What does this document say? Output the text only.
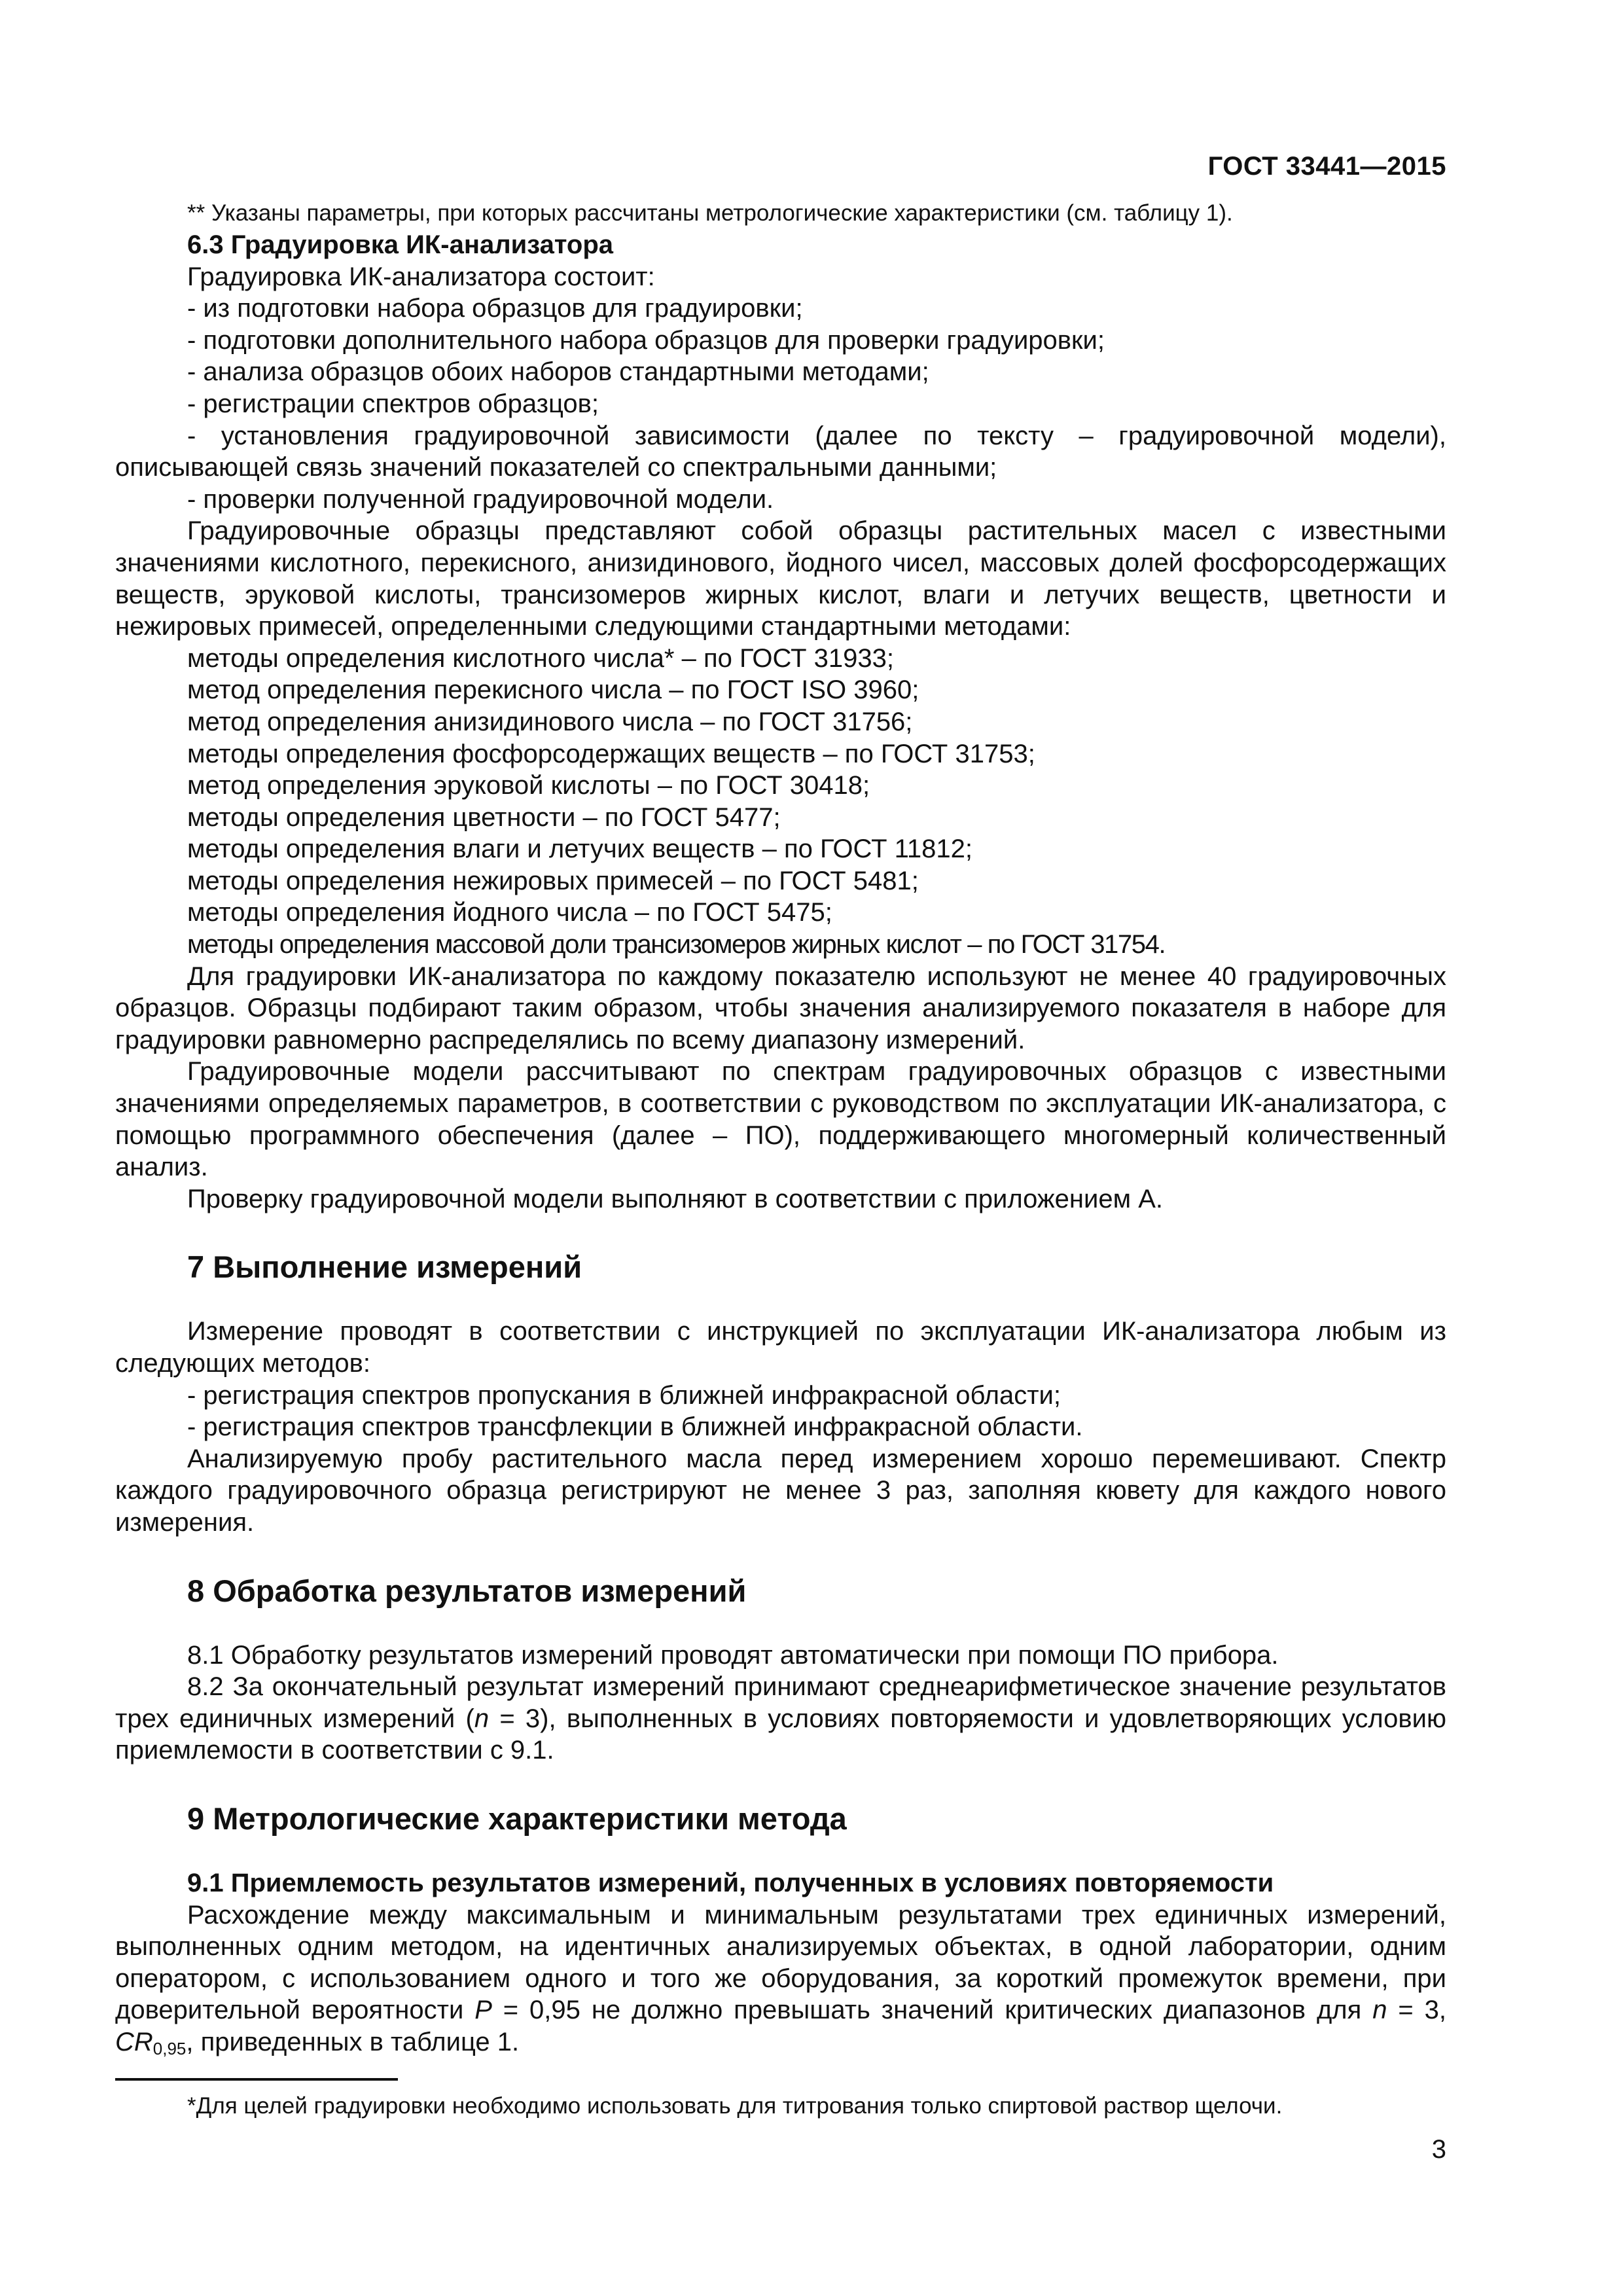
ГОСТ 33441—2015

** Указаны параметры, при которых рассчитаны метрологические характеристики (см. таблицу 1).

6.3 Градуировка ИК-анализатора

Градуировка ИК-анализатора состоит:

- из подготовки набора образцов для градуировки;

- подготовки дополнительного набора образцов для проверки градуировки;

- анализа образцов обоих наборов стандартными методами;

- регистрации спектров образцов;

- установления градуировочной зависимости (далее по тексту – градуировочной модели), описывающей связь значений показателей со спектральными данными;

- проверки полученной градуировочной модели.

Градуировочные образцы представляют собой образцы растительных масел с известными значениями кислотного, перекисного, анизидинового, йодного чисел, массовых долей фосфорсодержащих веществ, эруковой кислоты, трансизомеров жирных кислот, влаги и летучих веществ, цветности и нежировых примесей, определенными следующими стандартными методами:

методы определения кислотного числа* – по ГОСТ 31933;

метод определения перекисного числа – по ГОСТ ISO 3960;

метод определения анизидинового числа – по ГОСТ 31756;

методы определения фосфорсодержащих веществ – по ГОСТ 31753;

метод определения эруковой кислоты – по ГОСТ 30418;

методы определения цветности – по ГОСТ 5477;

методы определения влаги и летучих веществ – по ГОСТ 11812;

методы определения нежировых примесей – по ГОСТ 5481;

методы определения йодного числа – по ГОСТ 5475;

методы определения массовой доли трансизомеров жирных кислот – по ГОСТ 31754.

Для градуировки ИК-анализатора по каждому показателю используют не менее 40 градуировочных образцов. Образцы подбирают таким образом, чтобы значения анализируемого показателя в наборе для градуировки равномерно распределялись по всему диапазону измерений.

Градуировочные модели рассчитывают по спектрам градуировочных образцов с известными значениями определяемых параметров, в соответствии с руководством по эксплуатации ИК-анализатора, с помощью программного обеспечения (далее – ПО), поддерживающего многомерный количественный анализ.

Проверку градуировочной модели выполняют в соответствии с приложением А.

7 Выполнение измерений

Измерение проводят в соответствии с инструкцией по эксплуатации ИК-анализатора любым из следующих методов:

- регистрация спектров пропускания в ближней инфракрасной области;

- регистрация спектров трансфлекции в ближней инфракрасной области.

Анализируемую пробу растительного масла перед измерением хорошо перемешивают. Спектр каждого градуировочного образца регистрируют не менее 3 раз, заполняя кювету для каждого нового измерения.

8 Обработка результатов измерений

8.1 Обработку результатов измерений проводят автоматически при помощи ПО прибора.

8.2 За окончательный результат измерений принимают среднеарифметическое значение результатов трех единичных измерений (n = 3), выполненных в условиях повторяемости и удовлетворяющих условию приемлемости в соответствии с 9.1.

9 Метрологические характеристики метода

9.1 Приемлемость результатов измерений, полученных в условиях повторяемости

Расхождение между максимальным и минимальным результатами трех единичных измерений, выполненных одним методом, на идентичных анализируемых объектах, в одной лаборатории, одним оператором, с использованием одного и того же оборудования, за короткий промежуток времени, при доверительной вероятности P = 0,95 не должно превышать значений критических диапазонов для n = 3, $CR_{0,95}$, приведенных в таблице 1.

*Для целей градуировки необходимо использовать для титрования только спиртовой раствор щелочи.
3
